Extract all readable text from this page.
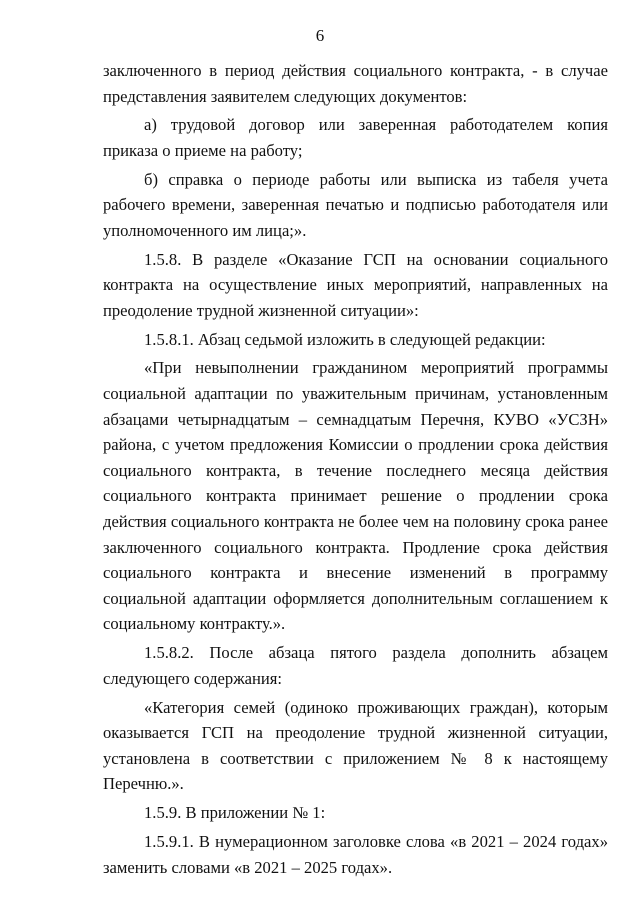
6

заключенного в период действия социального контракта, - в случае представления заявителем следующих документов:

а) трудовой договор или заверенная работодателем копия приказа о приеме на работу;

б) справка о периоде работы или выписка из табеля учета рабочего времени, заверенная печатью и подписью работодателя или уполномоченного им лица;».

1.5.8. В разделе «Оказание ГСП на основании социального контракта на осуществление иных мероприятий, направленных на преодоление трудной жизненной ситуации»:

1.5.8.1. Абзац седьмой изложить в следующей редакции:

«При невыполнении гражданином мероприятий программы социальной адаптации по уважительным причинам, установленным абзацами четырнадцатым – семнадцатым Перечня, КУВО «УСЗН» района, с учетом предложения Комиссии о продлении срока действия социального контракта, в течение последнего месяца действия социального контракта принимает решение о продлении срока действия социального контракта не более чем на половину срока ранее заключенного социального контракта. Продление срока действия социального контракта и внесение изменений в программу социальной адаптации оформляется дополнительным соглашением к социальному контракту.».

1.5.8.2. После абзаца пятого раздела дополнить абзацем следующего содержания:

«Категория семей (одиноко проживающих граждан), которым оказывается ГСП на преодоление трудной жизненной ситуации, установлена в соответствии с приложением № 8 к настоящему Перечню.».

1.5.9. В приложении № 1:

1.5.9.1. В нумерационном заголовке слова «в 2021 – 2024 годах» заменить словами «в 2021 – 2025 годах».
